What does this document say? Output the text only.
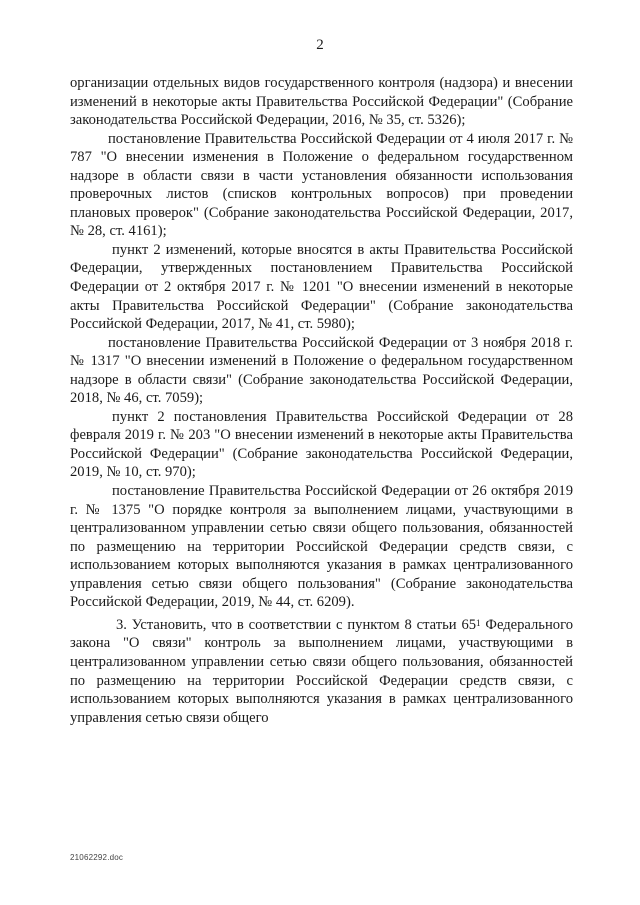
2

организации отдельных видов государственного контроля (надзора) и внесении изменений в некоторые акты Правительства Российской Федерации" (Собрание законодательства Российской Федерации, 2016, № 35, ст. 5326);

постановление Правительства Российской Федерации от 4 июля 2017 г. № 787 "О внесении изменения в Положение о федеральном государственном надзоре в области связи в части установления обязанности использования проверочных листов (списков контрольных вопросов) при проведении плановых проверок" (Собрание законодательства Российской Федерации, 2017, № 28, ст. 4161);

пункт 2 изменений, которые вносятся в акты Правительства Российской Федерации, утвержденных постановлением Правительства Российской Федерации от 2 октября 2017 г. № 1201 "О внесении изменений в некоторые акты Правительства Российской Федерации" (Собрание законодательства Российской Федерации, 2017, № 41, ст. 5980);

постановление Правительства Российской Федерации от 3 ноября 2018 г. № 1317 "О внесении изменений в Положение о федеральном государственном надзоре в области связи" (Собрание законодательства Российской Федерации, 2018, № 46, ст. 7059);

пункт 2 постановления Правительства Российской Федерации от 28 февраля 2019 г. № 203 "О внесении изменений в некоторые акты Правительства Российской Федерации" (Собрание законодательства Российской Федерации, 2019, № 10, ст. 970);

постановление Правительства Российской Федерации от 26 октября 2019 г. № 1375 "О порядке контроля за выполнением лицами, участвующими в централизованном управлении сетью связи общего пользования, обязанностей по размещению на территории Российской Федерации средств связи, с использованием которых выполняются указания в рамках централизованного управления сетью связи общего пользования" (Собрание законодательства Российской Федерации, 2019, № 44, ст. 6209).

3. Установить, что в соответствии с пунктом 8 статьи $65^1$ Федерального закона "О связи" контроль за выполнением лицами, участвующими в централизованном управлении сетью связи общего пользования, обязанностей по размещению на территории Российской Федерации средств связи, с использованием которых выполняются указания в рамках централизованного управления сетью связи общего

21062292.doc
